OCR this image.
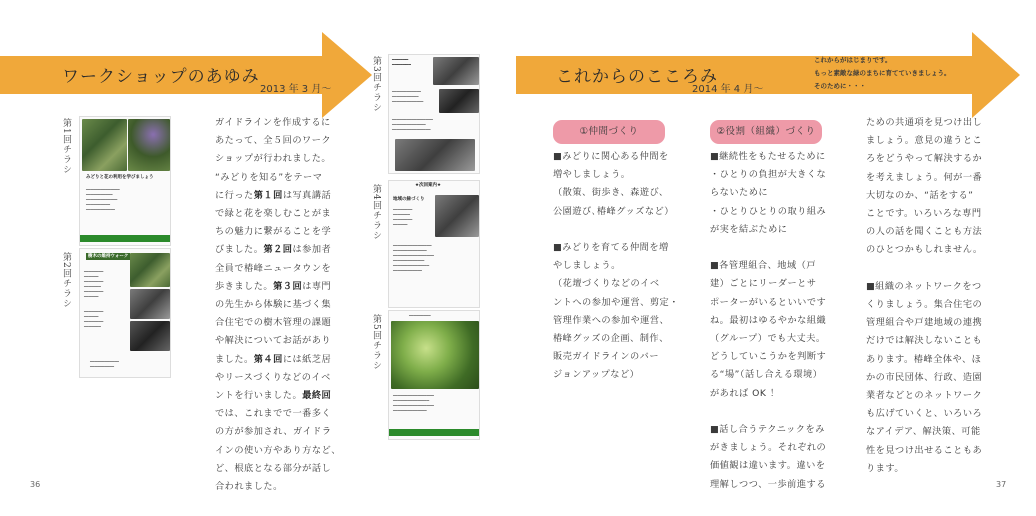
ワークショップのあゆみ
2013 年 3 月〜
これからのこころみ
2014 年 4 月〜
これからがはじまりです。
もっと素敵な緑のまちに育てていきましょう。
そのために・・・
第1回チラシ
第2回チラシ
みどりと花の利用を学びましょう
━━━━━━━━━━━━━━
━━━━━━━━━━━
━━━━━━━━━━━━━
━━━━━━━━━━
━━━━━━━━━━━━
樹木の維持ウォーク
━━━━━━━━
━━━━━━
━━━━━━━━
━━━━━━━
━━━━━━━━
━━━━━━
━━━━━━━━
━━━━━━
━━━━━━━━
━━━━━━━
━━━━━━━━━━━━
━━━━━━━━━━
ガイドラインを作成するに
あたって、全５回のワーク
ショップが行われました。
“みどりを知る”をテーマ
に行った第１回は写真講話
で緑と花を楽しむことがま
ちの魅力に繋がることを学
びました。第２回は参加者
全員で椿峰ニュータウンを
歩きました。第３回は専門
の先生から体験に基づく集
合住宅での樹木管理の課題
や解決についてお話があり
ました。第４回には紙芝居
やリースづくりなどのイベ
ントを行いました。最終回
では、これまでで一番多く
の方が参加され、ガイドラ
インの使い方やあり方など、
ど、根底となる部分が話し
合われました。
第3回チラシ
第4回チラシ
第5回チラシ
━━━━━━
━━━━━━━
━━━━━━━━━━━━
━━━━━━━━━━━
━━━━━━━━━━━━━
━━━━━━━━━━━━━━━━━
━━━━━━━━━━━━━━
━━━━━━━━━━━━━━━━
★次回案内★
地域の緑づくり
━━━━━━━━
━━━━━━━
━━━━━━━━
━━━━━━
━━━━━━━━━━━━━━━━
━━━━━━━━━━━━━━
━━━━━━━━━━━━━━━━━
━━━━━━━━━━━━━
━━━━━━━━━━━━━━━
━━━━━━━━━━━━
━━━━━━━━━
━━━━━━━━━━━━━━━━━
━━━━━━━━━━━━━━━
━━━━━━━━━━━━━━━━━
━━━━━━━━━━━━━━
①仲間づくり
■みどりに関心ある仲間を
増やしましょう。
（散策、街歩き、森遊び、
公園遊び､椿峰グッズなど）

■みどりを育てる仲間を増
やしましょう。
（花壇づくりなどのイベ
ントへの参加や運営、剪定・
管理作業への参加や運営、
椿峰グッズの企画、制作、
販売ガイドラインのバー
ジョンアップなど）
②役割（組織）づくり
■継続性をもたせるために
・ひとりの負担が大きくな
らないために
・ひとりひとりの取り組み
が実を結ぶために

■各管理組合、地域（戸
建）ごとにリーダーとサ
ポーターがいるといいです
ね。最初はゆるやかな組織
（グループ）でも大丈夫。
どうしていこうかを判断す
る“場”（話し合える環境）
があれば OK ！

■話し合うテクニックをみ
がきましょう。それぞれの
価値観は違います。違いを
理解しつつ、一歩前進する
ための共通項を見つけ出し
ましょう。意見の違うとこ
ろをどうやって解決するか
を考えましょう。何が一番
大切なのか、“話をする”
ことです。いろいろな専門
の人の話を聞くことも方法
のひとつかもしれません。

■組織のネットワークをつ
くりましょう。集合住宅の
管理組合や戸建地域の連携
だけでは解決しないことも
あります。椿峰全体や、ほ
かの市民団体、行政、造園
業者などとのネットワーク
も広げていくと、いろいろ
なアイデア、解決策、可能
性を見つけ出せることもあ
ります。
36	37
